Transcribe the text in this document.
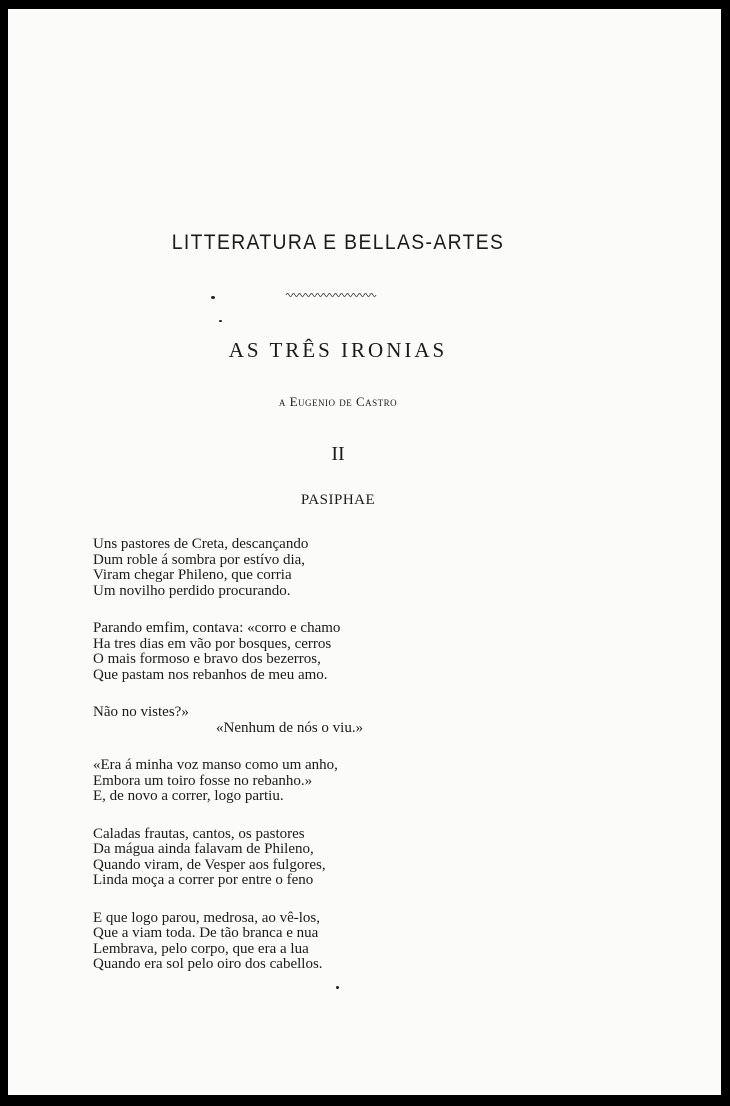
LITTERATURA E BELLAS-ARTES
AS TRÊS IRONIAS
a Eugenio de Castro
II
PASIPHAE
Uns pastores de Creta, descançando
Dum roble á sombra por estívo dia,
Viram chegar Phileno, que corria
Um novilho perdido procurando.
Parando emfim, contava: «corro e chamo
Ha tres dias em vão por bosques, cerros
O mais formoso e bravo dos bezerros,
Que pastam nos rebanhos de meu amo.
Não no vistes?»
«Nenhum de nós o viu.»
«Era á minha voz manso como um anho,
Embora um toiro fosse no rebanho.»
E, de novo a correr, logo partiu.
Caladas frautas, cantos, os pastores
Da mágua ainda falavam de Phileno,
Quando viram, de Vesper aos fulgores,
Linda moça a correr por entre o feno
E que logo parou, medrosa, ao vê-los,
Que a viam toda. De tão branca e nua
Lembrava, pelo corpo, que era a lua
Quando era sol pelo oiro dos cabellos.
